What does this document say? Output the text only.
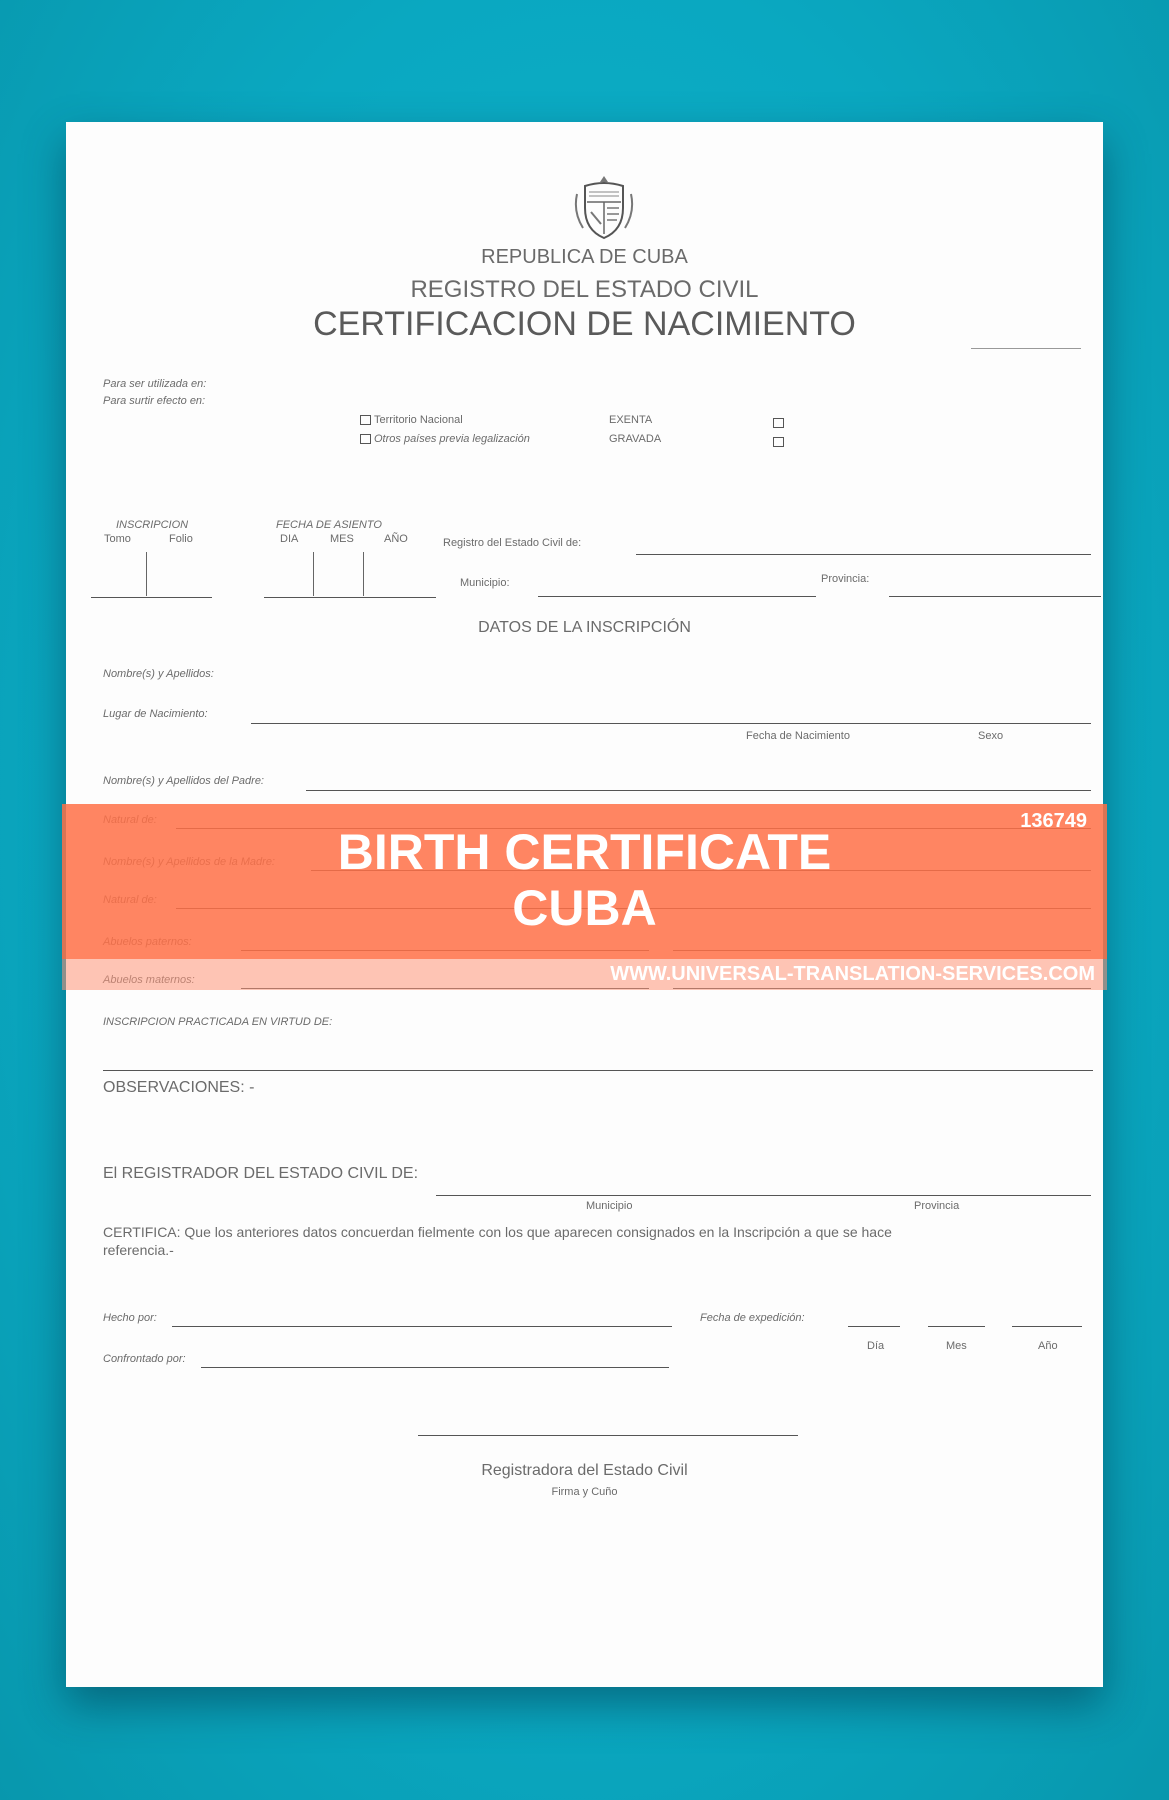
REPUBLICA DE CUBA
REGISTRO DEL ESTADO CIVIL
CERTIFICACION DE NACIMIENTO
Para ser utilizada en:
Para surtir efecto en:
Territorio Nacional
Otros países previa legalización
EXENTA
GRAVADA
INSCRIPCION
Tomo	Folio
FECHA DE ASIENTO
DIA	MES	AÑO	Registro del Estado Civil de:
Municipio:	Provincia:
DATOS DE LA INSCRIPCIÓN
Nombre(s) y Apellidos:
Lugar de Nacimiento:
Fecha de Nacimiento	Sexo
Nombre(s) y Apellidos del Padre:
INSCRIPCION PRACTICADA EN VIRTUD DE:
OBSERVACIONES: -
El REGISTRADOR DEL ESTADO CIVIL DE:
Municipio	Provincia
CERTIFICA: Que los anteriores datos concuerdan fielmente con los que aparecen consignados en la Inscripción a que se hace
referencia.-
Hecho por:
Confrontado por:
Fecha de expedición:
Día	Mes	Año
Registradora del Estado Civil
Firma y Cuño
136749
BIRTH CERTIFICATE
CUBA
WWW.UNIVERSAL-TRANSLATION-SERVICES.COM
